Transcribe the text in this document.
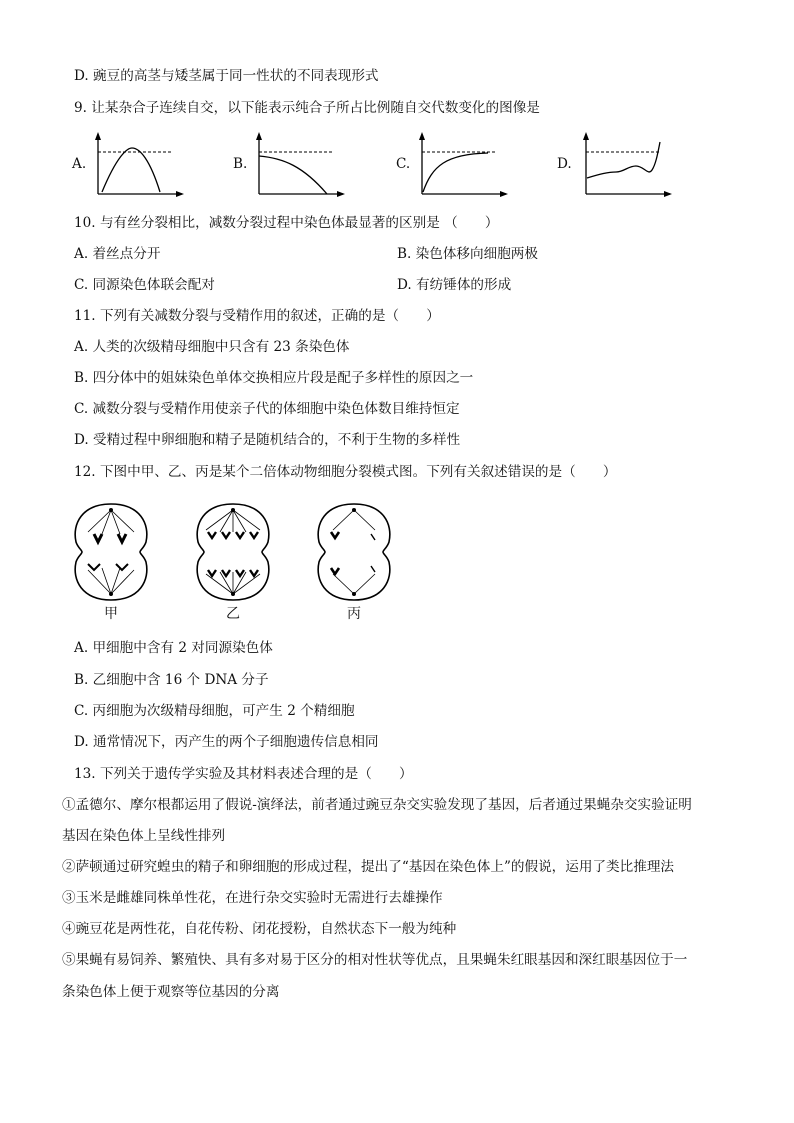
D. 豌豆的高茎与矮茎属于同一性状的不同表现形式
9. 让某杂合子连续自交，以下能表示纯合子所占比例随自交代数变化的图像是
A.	B.	C.	D.
10. 与有丝分裂相比，减数分裂过程中染色体最显著的区别是 （　　）
A. 着丝点分开	B. 染色体移向细胞两极
C. 同源染色体联会配对	D. 有纺锤体的形成
11. 下列有关减数分裂与受精作用的叙述，正确的是（　　）
A. 人类的次级精母细胞中只含有 23 条染色体
B. 四分体中的姐妹染色单体交换相应片段是配子多样性的原因之一
C. 减数分裂与受精作用使亲子代的体细胞中染色体数目维持恒定
D. 受精过程中卵细胞和精子是随机结合的，不利于生物的多样性
12. 下图中甲、乙、丙是某个二倍体动物细胞分裂模式图。下列有关叙述错误的是（　　）
甲	乙	丙
A. 甲细胞中含有 2 对同源染色体
B. 乙细胞中含 16 个 DNA 分子
C. 丙细胞为次级精母细胞，可产生 2 个精细胞
D. 通常情况下，丙产生的两个子细胞遗传信息相同
13. 下列关于遗传学实验及其材料表述合理的是（　　）
①孟德尔、摩尔根都运用了假说-演绎法，前者通过豌豆杂交实验发现了基因，后者通过果蝇杂交实验证明
基因在染色体上呈线性排列
②萨顿通过研究蝗虫的精子和卵细胞的形成过程，提出了“基因在染色体上”的假说，运用了类比推理法
③玉米是雌雄同株单性花，在进行杂交实验时无需进行去雄操作
④豌豆花是两性花，自花传粉、闭花授粉，自然状态下一般为纯种
⑤果蝇有易饲养、繁殖快、具有多对易于区分的相对性状等优点，且果蝇朱红眼基因和深红眼基因位于一
条染色体上便于观察等位基因的分离
